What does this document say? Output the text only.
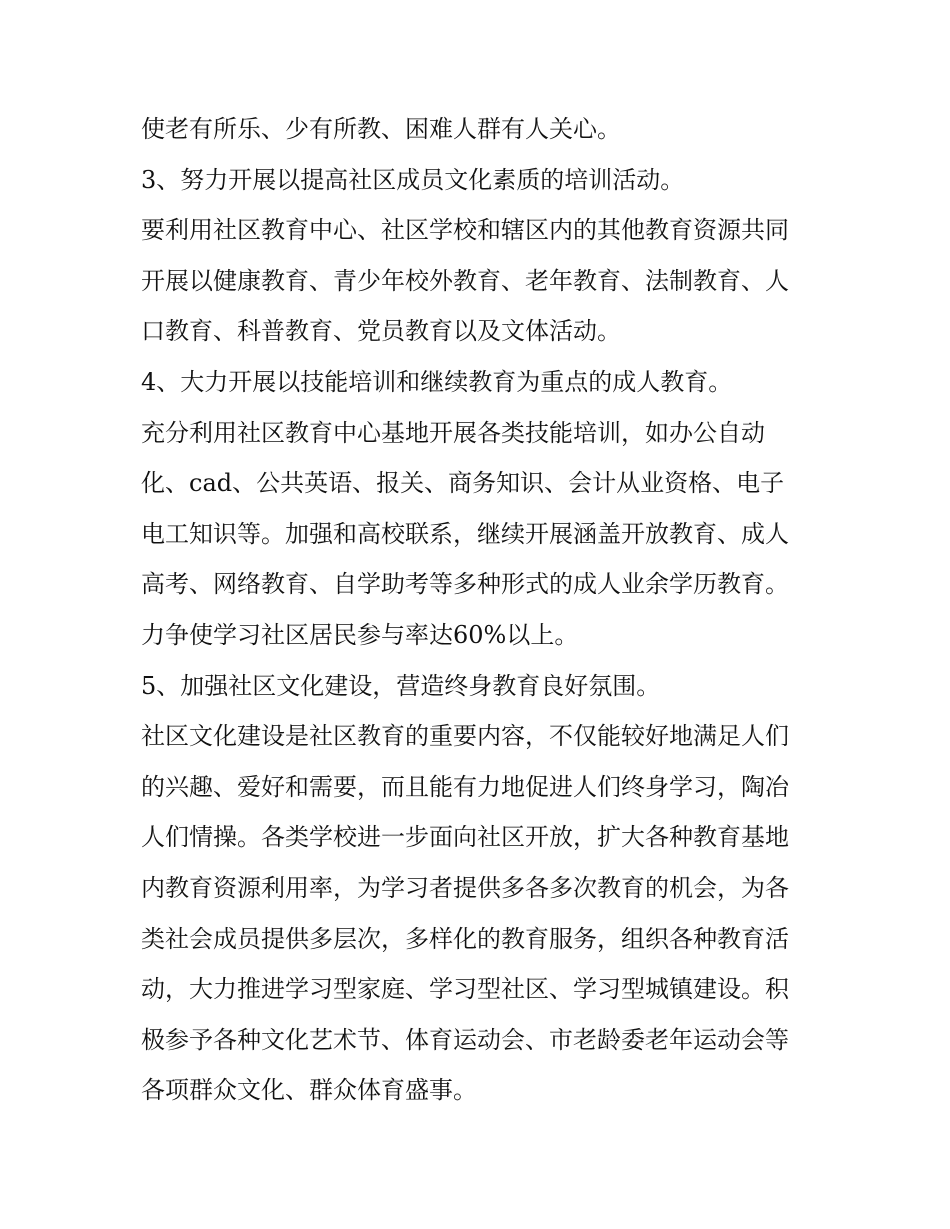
使老有所乐、少有所教、困难人群有人关心。
3、努力开展以提高社区成员文化素质的培训活动。
要利用社区教育中心、社区学校和辖区内的其他教育资源共同
开展以健康教育、青少年校外教育、老年教育、法制教育、人
口教育、科普教育、党员教育以及文体活动。
4、大力开展以技能培训和继续教育为重点的成人教育。
充分利用社区教育中心基地开展各类技能培训，如办公自动
化、cad、公共英语、报关、商务知识、会计从业资格、电子
电工知识等。加强和高校联系，继续开展涵盖开放教育、成人
高考、网络教育、自学助考等多种形式的成人业余学历教育。
力争使学习社区居民参与率达60%以上。
5、加强社区文化建设，营造终身教育良好氛围。
社区文化建设是社区教育的重要内容，不仅能较好地满足人们
的兴趣、爱好和需要，而且能有力地促进人们终身学习，陶冶
人们情操。各类学校进一步面向社区开放，扩大各种教育基地
内教育资源利用率，为学习者提供多各多次教育的机会，为各
类社会成员提供多层次，多样化的教育服务，组织各种教育活
动，大力推进学习型家庭、学习型社区、学习型城镇建设。积
极参予各种文化艺术节、体育运动会、市老龄委老年运动会等
各项群众文化、群众体育盛事。
